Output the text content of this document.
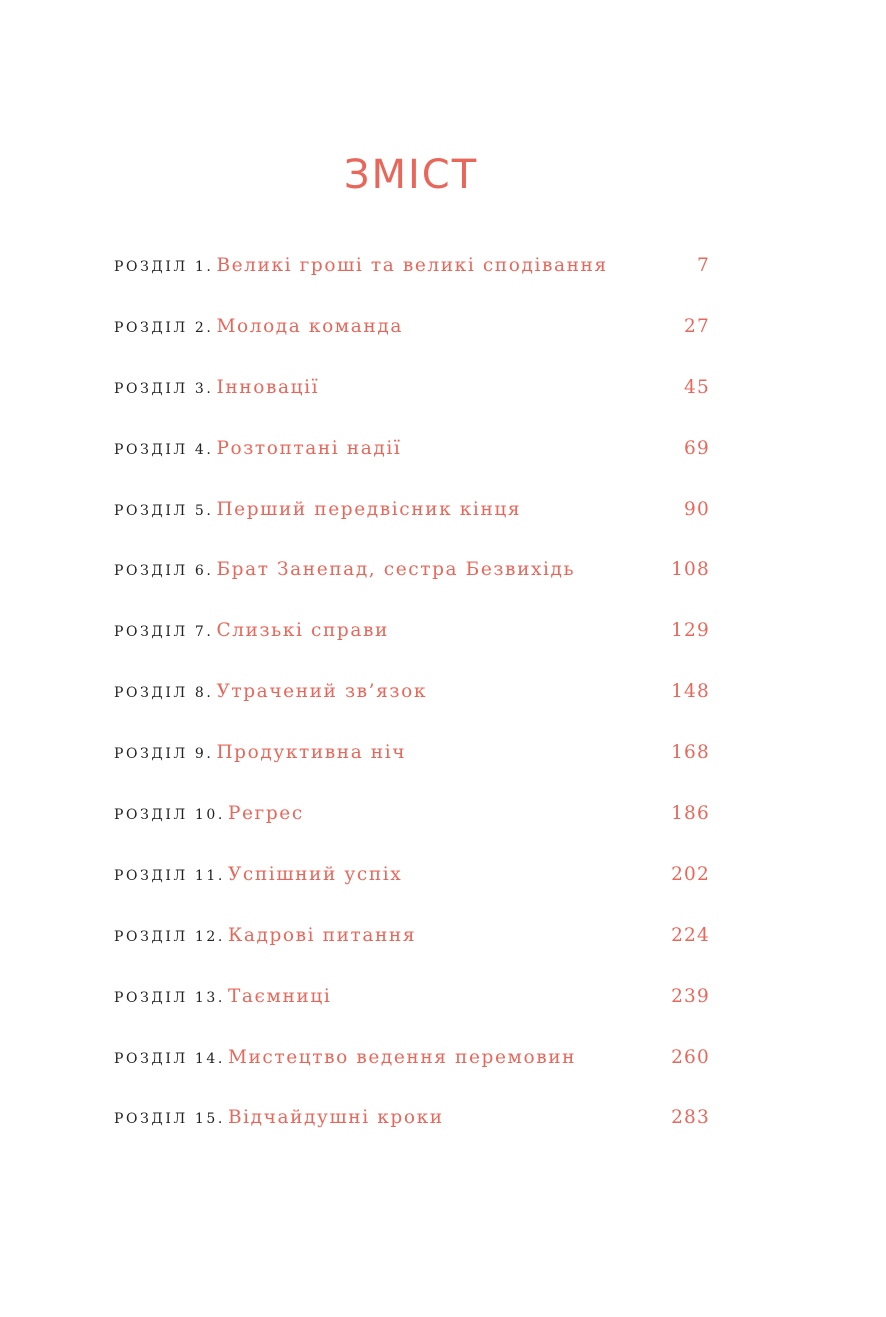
ЗМІСТ
РОЗДІЛ 1. Великі гроші та великі сподівання	7
РОЗДІЛ 2. Молода команда	27
РОЗДІЛ 3. Інновації	45
РОЗДІЛ 4. Розтоптані надії	69
РОЗДІЛ 5. Перший передвісник кінця	90
РОЗДІЛ 6. Брат Занепад, сестра Безвихідь	108
РОЗДІЛ 7. Слизькі справи	129
РОЗДІЛ 8. Утрачений зв’язок	148
РОЗДІЛ 9. Продуктивна ніч	168
РОЗДІЛ 10. Регрес	186
РОЗДІЛ 11. Успішний успіх	202
РОЗДІЛ 12. Кадрові питання	224
РОЗДІЛ 13. Таємниці	239
РОЗДІЛ 14. Мистецтво ведення перемовин	260
РОЗДІЛ 15. Відчайдушні кроки	283
